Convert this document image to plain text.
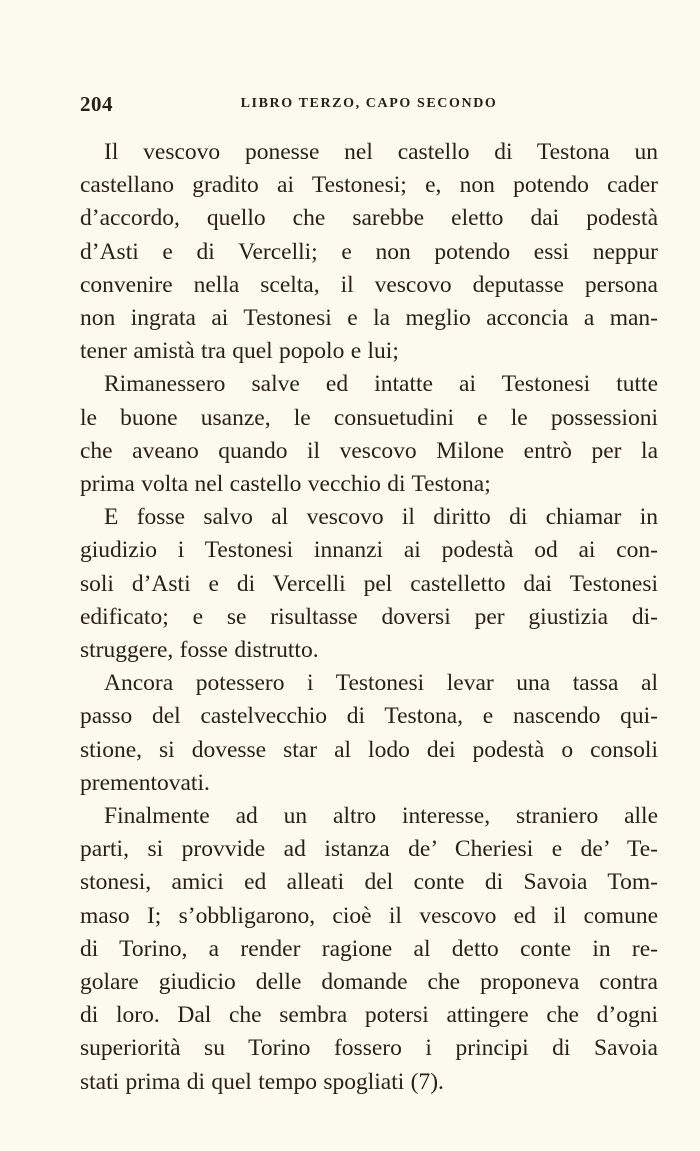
204	LIBRO TERZO, CAPO SECONDO

Il vescovo ponesse nel castello di Testona un
castellano gradito ai Testonesi; e, non potendo cader
d’accordo, quello che sarebbe eletto dai podestà
d’Asti e di Vercelli; e non potendo essi neppur
convenire nella scelta, il vescovo deputasse persona
non ingrata ai Testonesi e la meglio acconcia a man-
tener amistà tra quel popolo e lui;

Rimanessero salve ed intatte ai Testonesi tutte
le buone usanze, le consuetudini e le possessioni
che aveano quando il vescovo Milone entrò per la
prima volta nel castello vecchio di Testona;

E fosse salvo al vescovo il diritto di chiamar in
giudizio i Testonesi innanzi ai podestà od ai con-
soli d’Asti e di Vercelli pel castelletto dai Testonesi
edificato; e se risultasse doversi per giustizia di-
struggere, fosse distrutto.

Ancora potessero i Testonesi levar una tassa al
passo del castelvecchio di Testona, e nascendo qui-
stione, si dovesse star al lodo dei podestà o consoli
prementovati.

Finalmente ad un altro interesse, straniero alle
parti, si provvide ad istanza de’ Cheriesi e de’ Te-
stonesi, amici ed alleati del conte di Savoia Tom-
maso I; s’obbligarono, cioè il vescovo ed il comune
di Torino, a render ragione al detto conte in re-
golare giudicio delle domande che proponeva contra
di loro. Dal che sembra potersi attingere che d’ogni
superiorità su Torino fossero i principi di Savoia
stati prima di quel tempo spogliati (7).
